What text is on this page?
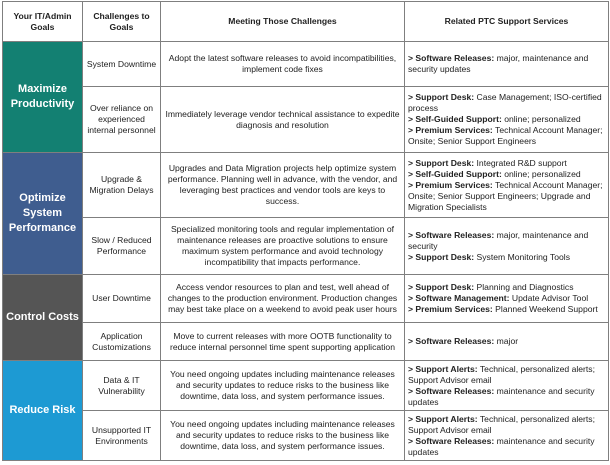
Your IT/Admin Goals	Challenges to Goals	Meeting Those Challenges	Related PTC Support Services
Maximize Productivity	System Downtime	Adopt the latest software releases to avoid incompatibilities, implement code fixes	> Software Releases: major, maintenance and security updates

	Over reliance on experienced internal personnel	Immediately leverage vendor technical assistance to expedite diagnosis and resolution	> Support Desk: Case Management; ISO-certified process
> Self-Guided Support: online; personalized
> Premium Services: Technical Account Manager; Onsite; Senior Support Engineers

Optimize System Performance	Upgrade & Migration Delays	Upgrades and Data Migration projects help optimize system performance. Planning well in advance, with the vendor, and leveraging best practices and vendor tools are keys to success.	> Support Desk: Integrated R&D support
> Self-Guided Support: online; personalized
> Premium Services: Technical Account Manager; Onsite; Senior Support Engineers; Upgrade and Migration Specialists

	Slow / Reduced Performance	Specialized monitoring tools and regular implementation of maintenance releases are proactive solutions to ensure maximum system performance and avoid technology incompatibility that impacts performance.	> Software Releases: major, maintenance and security
> Support Desk: System Monitoring Tools

Control Costs	User Downtime	Access vendor resources to plan and test, well ahead of changes to the production environment. Production changes may best take place on a weekend to avoid peak user hours	> Support Desk: Planning and Diagnostics
> Software Management: Update Advisor Tool
> Premium Services: Planned Weekend Support

	Application Customizations	Move to current releases with more OOTB functionality to reduce internal personnel time spent supporting application	> Software Releases: major

Reduce Risk	Data & IT Vulnerability	You need ongoing updates including maintenance releases and security updates to reduce risks to the business like downtime, data loss, and system performance issues.	> Support Alerts: Technical, personalized alerts; Support Advisor email
> Software Releases: maintenance and security updates

	Unsupported IT Environments	You need ongoing updates including maintenance releases and security updates to reduce risks to the business like downtime, data loss, and system performance issues.	> Support Alerts: Technical, personalized alerts; Support Advisor email
> Software Releases: maintenance and security updates
